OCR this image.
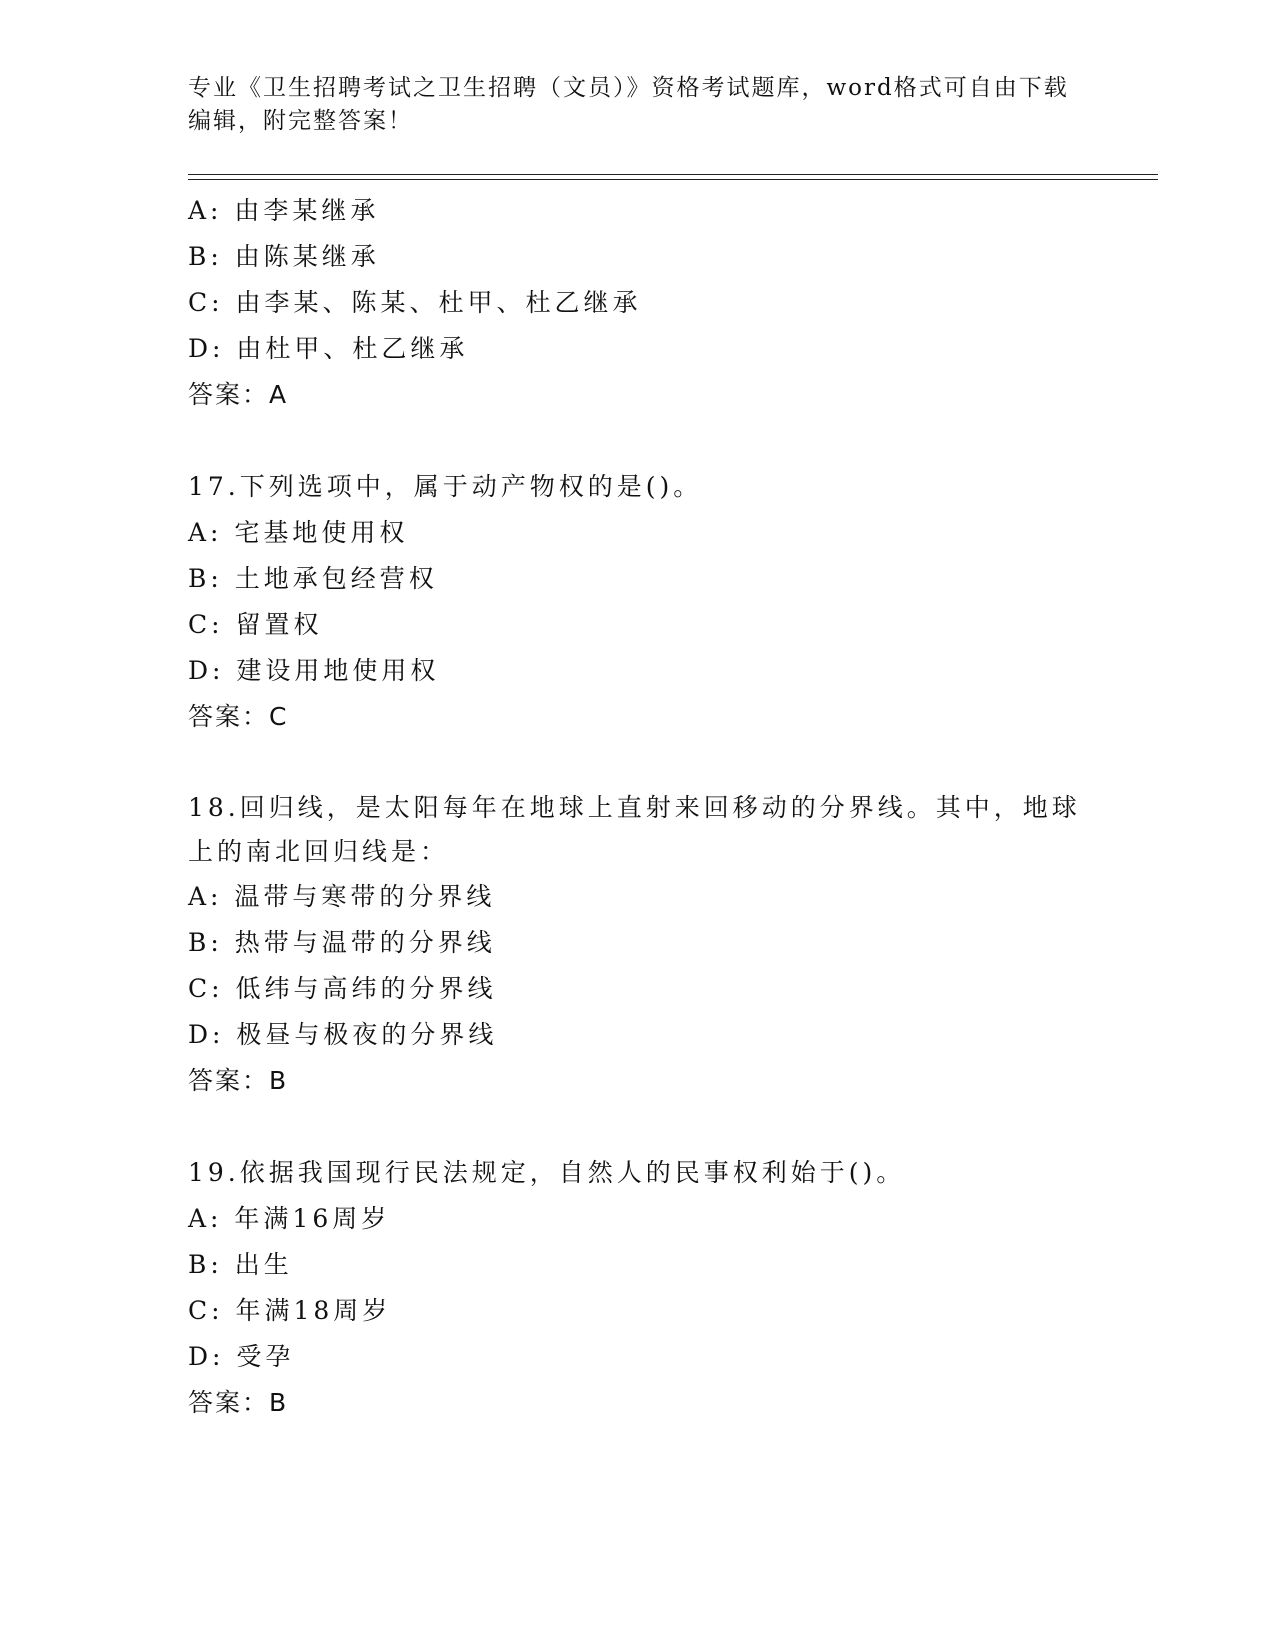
专业《卫生招聘考试之卫生招聘（文员）》资格考试题库，word格式可自由下载
编辑，附完整答案！
A: 由李某继承
B: 由陈某继承
C: 由李某、陈某、杜甲、杜乙继承
D: 由杜甲、杜乙继承
答案：A
17.下列选项中，属于动产物权的是()。
A: 宅基地使用权
B: 土地承包经营权
C: 留置权
D: 建设用地使用权
答案：C
18.回归线，是太阳每年在地球上直射来回移动的分界线。其中，地球
上的南北回归线是：
A: 温带与寒带的分界线
B: 热带与温带的分界线
C: 低纬与高纬的分界线
D: 极昼与极夜的分界线
答案：B
19.依据我国现行民法规定，自然人的民事权利始于()。
A: 年满16周岁
B: 出生
C: 年满18周岁
D: 受孕
答案：B
